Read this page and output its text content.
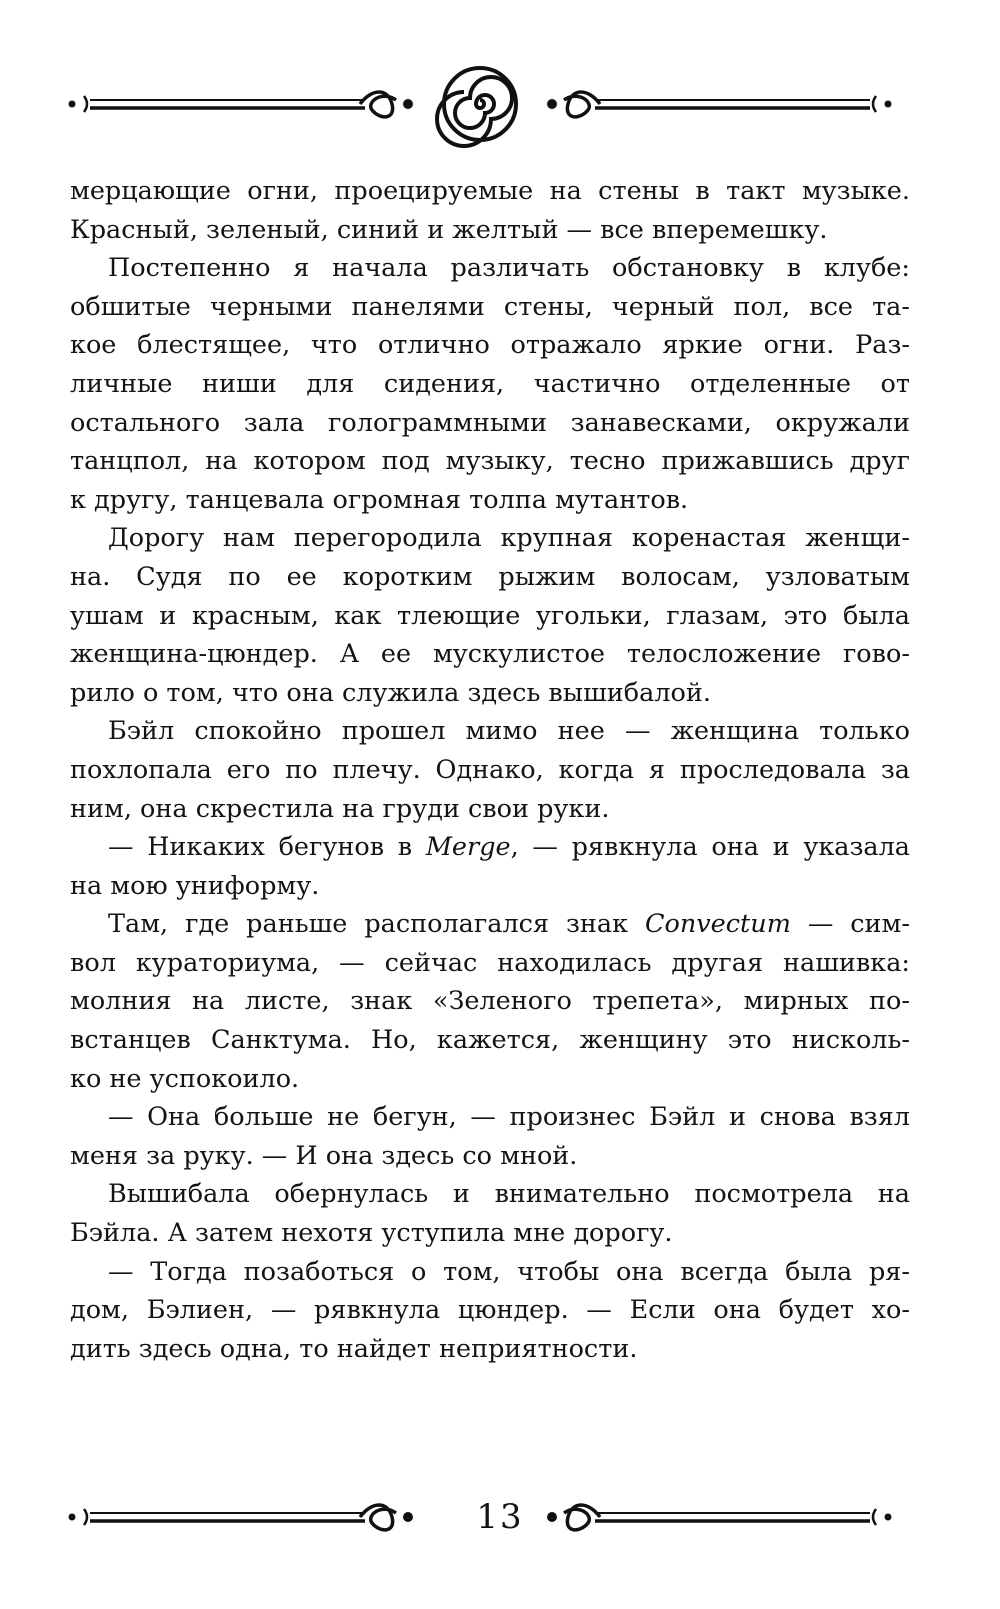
мерцающие огни, проецируемые на стены в такт музыке.
Красный, зеленый, синий и желтый — все вперемешку.
Постепенно я начала различать обстановку в клубе:
обшитые черными панелями стены, черный пол, все та-
кое блестящее, что отлично отражало яркие огни. Раз-
личные ниши для сидения, частично отделенные от
остального зала голограммными занавесками, окружали
танцпол, на котором под музыку, тесно прижавшись друг
к другу, танцевала огромная толпа мутантов.
Дорогу нам перегородила крупная коренастая женщи-
на. Судя по ее коротким рыжим волосам, узловатым
ушам и красным, как тлеющие угольки, глазам, это была
женщина-цюндер. А ее мускулистое телосложение гово-
рило о том, что она служила здесь вышибалой.
Бэйл спокойно прошел мимо нее — женщина только
похлопала его по плечу. Однако, когда я проследовала за
ним, она скрестила на груди свои руки.
— Никаких бегунов в Merge, — рявкнула она и указала
на мою униформу.
Там, где раньше располагался знак Convectum — сим-
вол кураториума, — сейчас находилась другая нашивка:
молния на листе, знак «Зеленого трепета», мирных по-
встанцев Санктума. Но, кажется, женщину это нисколь-
ко не успокоило.
— Она больше не бегун, — произнес Бэйл и снова взял
меня за руку. — И она здесь со мной.
Вышибала обернулась и внимательно посмотрела на
Бэйла. А затем нехотя уступила мне дорогу.
— Тогда позаботься о том, чтобы она всегда была ря-
дом, Бэлиен, — рявкнула цюндер. — Если она будет хо-
дить здесь одна, то найдет неприятности.
13
